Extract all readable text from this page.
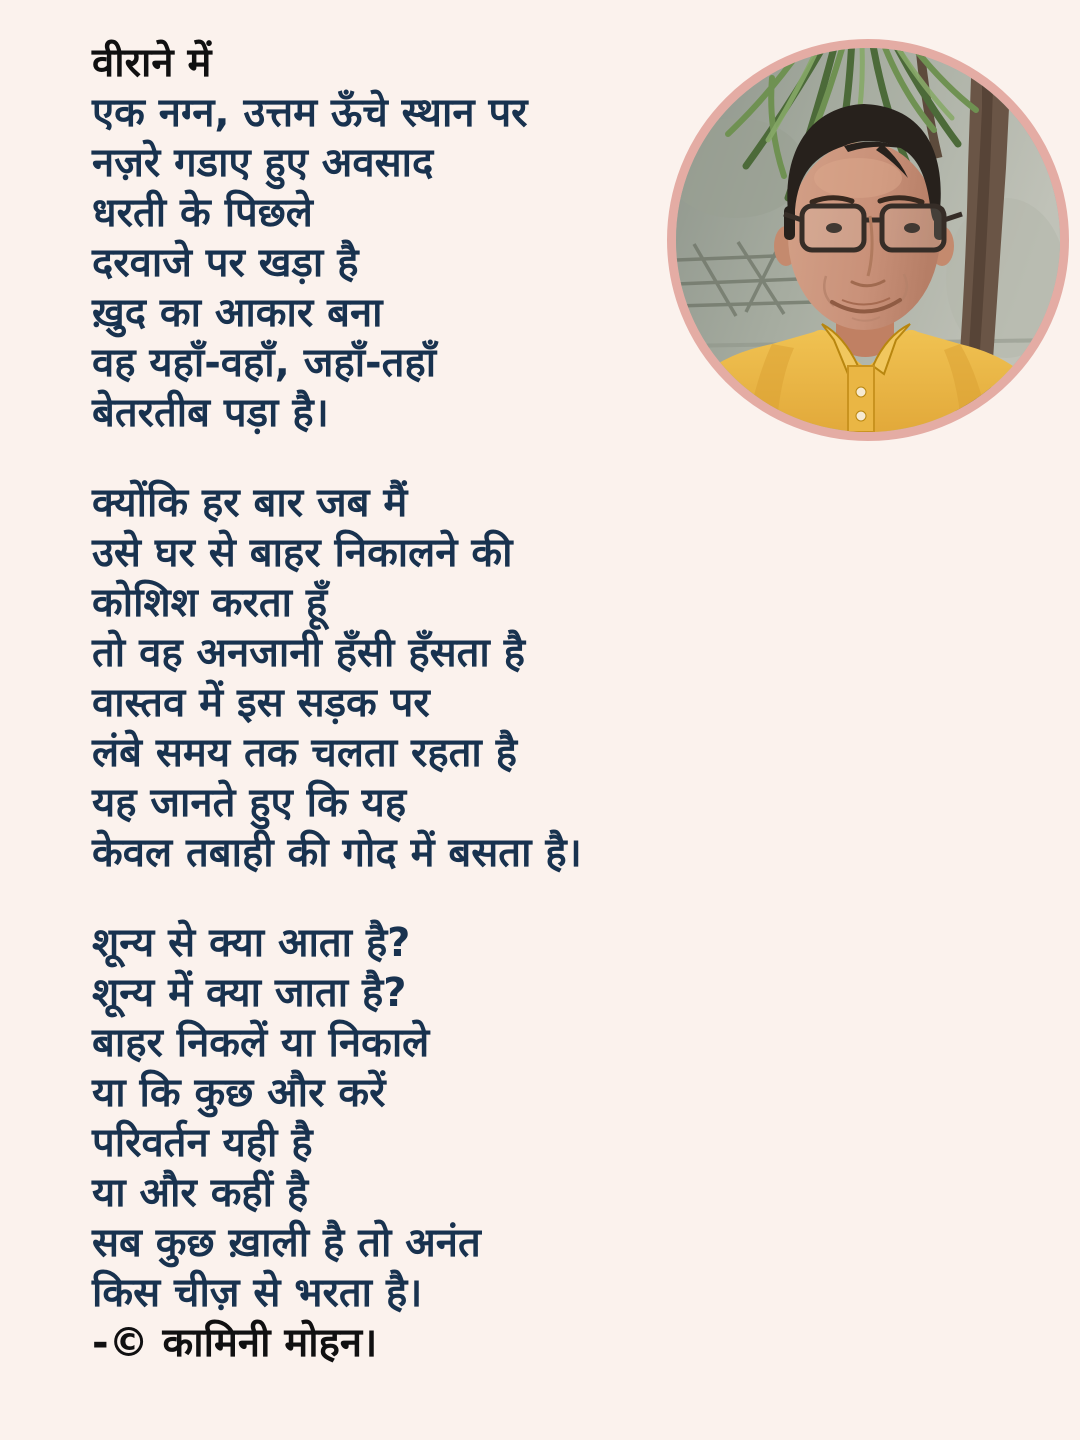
वीराने में
एक नग्न, उत्तम ऊँचे स्थान पर
नज़रे गडाए हुए अवसाद
धरती के पिछले
दरवाजे पर खड़ा है
ख़ुद का आकार बना
वह यहाँ-वहाँ, जहाँ-तहाँ
बेतरतीब पड़ा है।
क्योंकि हर बार जब मैं
उसे घर से बाहर निकालने की
कोशिश करता हूँ
तो वह अनजानी हँसी हँसता है
वास्तव में इस सड़क पर
लंबे समय तक चलता रहता है
यह जानते हुए कि यह
केवल तबाही की गोद में बसता है।
शून्य से क्या आता है?
शून्य में क्या जाता है?
बाहर निकलें या निकाले
या कि कुछ और करें
परिवर्तन यही है
या और कहीं है
सब कुछ ख़ाली है तो अनंत
किस चीज़ से भरता है।
-© कामिनी मोहन।
